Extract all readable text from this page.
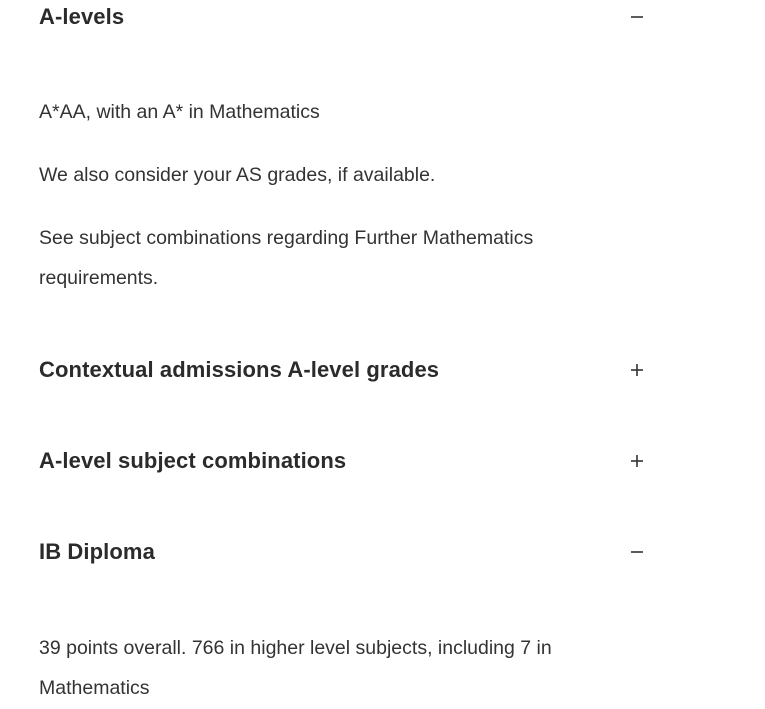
A-levels

A*AA, with an A* in Mathematics

We also consider your AS grades, if available.

See subject combinations regarding Further Mathematics requirements.

Contextual admissions A-level grades
A-level subject combinations
IB Diploma

39 points overall. 766 in higher level subjects, including 7 in Mathematics
